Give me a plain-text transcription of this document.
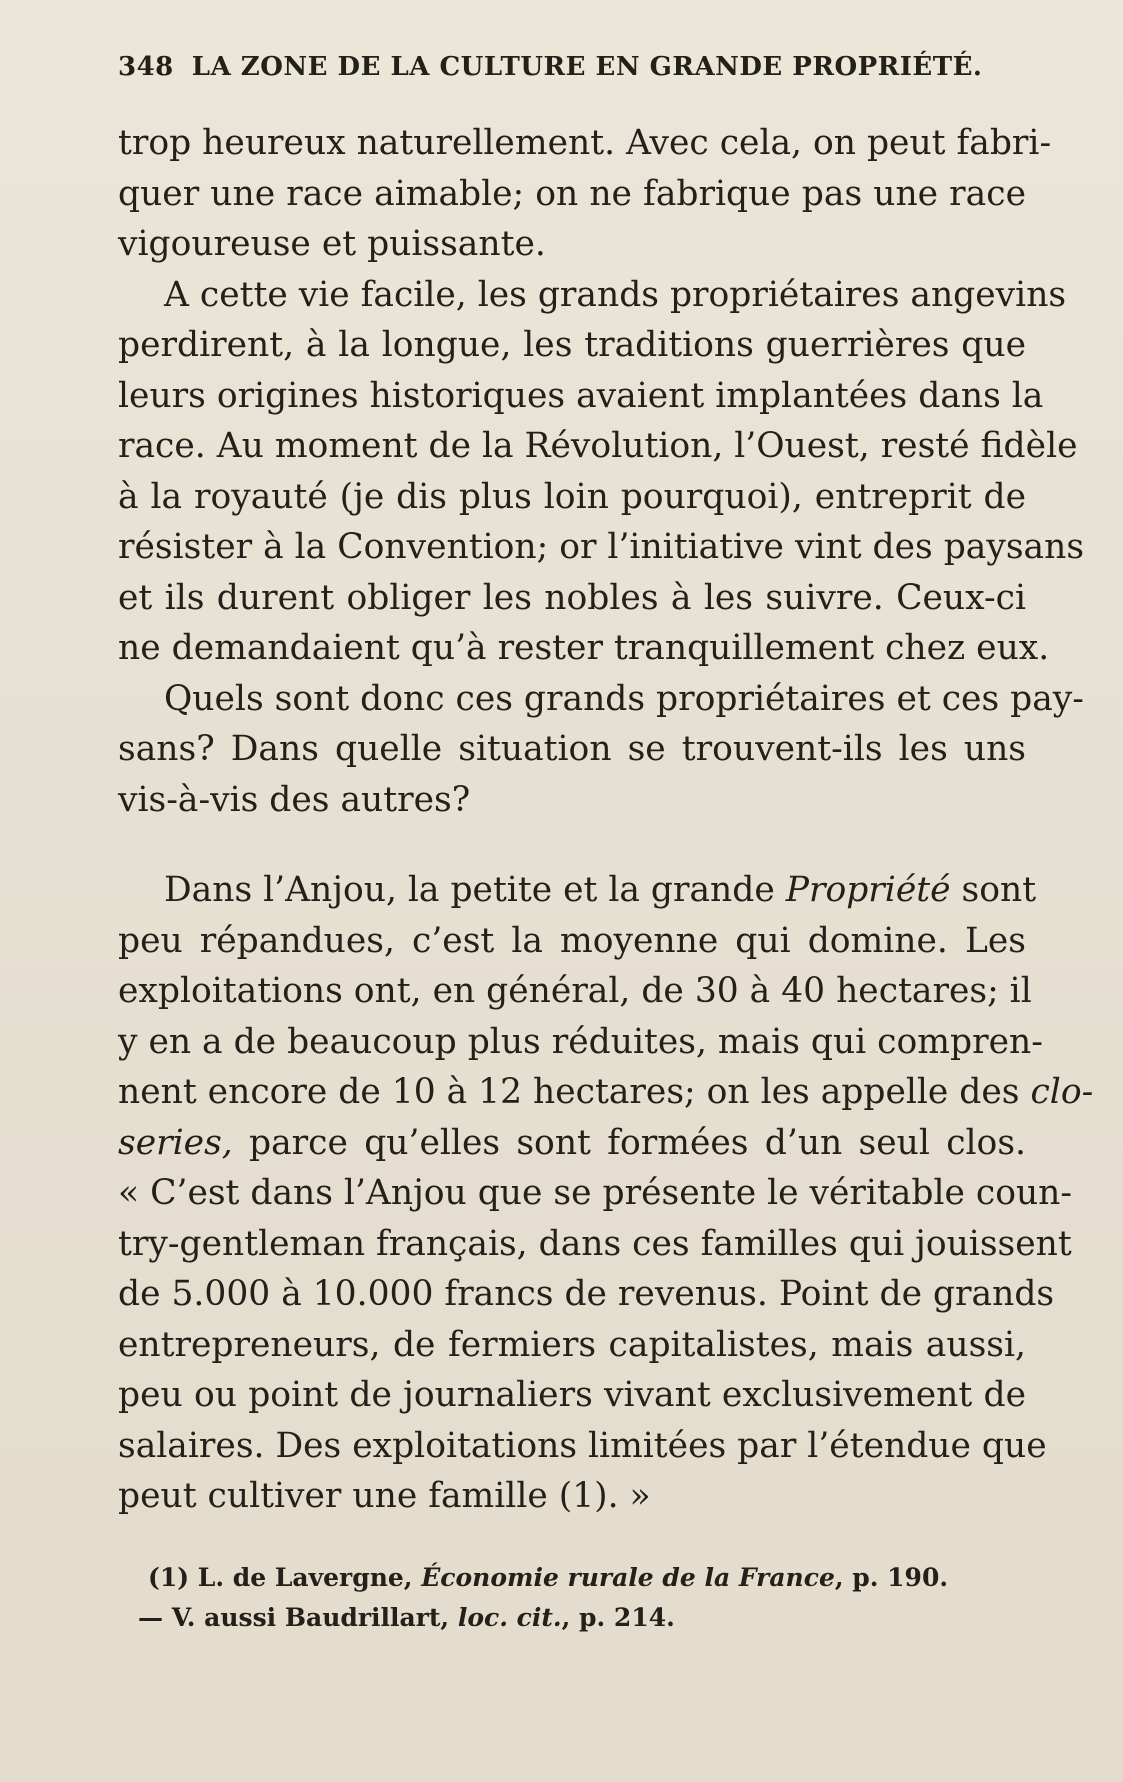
348 LA ZONE DE LA CULTURE EN GRANDE PROPRIÉTÉ.
trop heureux naturellement. Avec cela, on peut fabri-
quer une race aimable; on ne fabrique pas une race
vigoureuse et puissante.
A cette vie facile, les grands propriétaires angevins
perdirent, à la longue, les traditions guerrières que
leurs origines historiques avaient implantées dans la
race. Au moment de la Révolution, l’Ouest, resté fidèle
à la royauté (je dis plus loin pourquoi), entreprit de
résister à la Convention; or l’initiative vint des paysans
et ils durent obliger les nobles à les suivre. Ceux-ci
ne demandaient qu’à rester tranquillement chez eux.
Quels sont donc ces grands propriétaires et ces pay-
sans? Dans quelle situation se trouvent-ils les uns
vis-à-vis des autres?
Dans l’Anjou, la petite et la grande Propriété sont
peu répandues, c’est la moyenne qui domine. Les
exploitations ont, en général, de 30 à 40 hectares; il
y en a de beaucoup plus réduites, mais qui compren-
nent encore de 10 à 12 hectares; on les appelle des clo-
series, parce qu’elles sont formées d’un seul clos.
« C’est dans l’Anjou que se présente le véritable coun-
try-gentleman français, dans ces familles qui jouissent
de 5.000 à 10.000 francs de revenus. Point de grands
entrepreneurs, de fermiers capitalistes, mais aussi,
peu ou point de journaliers vivant exclusivement de
salaires. Des exploitations limitées par l’étendue que
peut cultiver une famille (1). »
(1) L. de Lavergne, Économie rurale de la France, p. 190.
— V. aussi Baudrillart, loc. cit., p. 214.
